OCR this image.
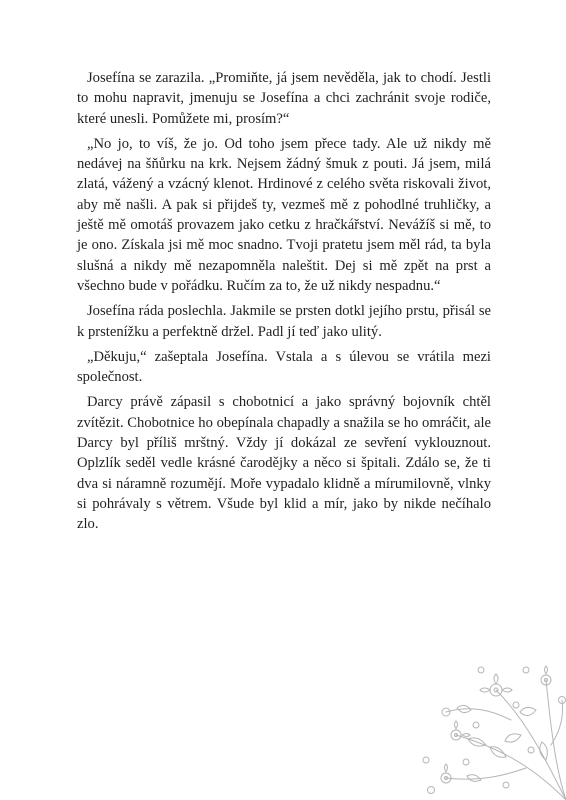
Josefína se zarazila. „Promiňte, já jsem nevěděla, jak to chodí. Jestli to mohu napravit, jmenuju se Josefína a chci zachránit svoje rodiče, které unesli. Pomůžete mi, prosím?“

„No jo, to víš, že jo. Od toho jsem přece tady. Ale už nikdy mě nedávej na šňůrku na krk. Nejsem žádný šmuk z pouti. Já jsem, milá zlatá, vážený a vzácný klenot. Hrdinové z celého světa riskovali život, aby mě našli. A pak si přijdeš ty, vezmeš mě z pohodlné truhličky, a ještě mě omotáš provazem jako cetku z hračkářství. Nevážíš si mě, to je ono. Získala jsi mě moc snadno. Tvoji pratetu jsem měl rád, ta byla slušná a nikdy mě nezapomněla naleštit. Dej si mě zpět na prst a všechno bude v pořádku. Ručím za to, že už nikdy nespadnu.“

Josefína ráda poslechla. Jakmile se prsten dotkl jejího prstu, přisál se k prstenížku a perfektně držel. Padl jí teď jako ulitý.

„Děkuju,“ zašeptala Josefína. Vstala a s úlevou se vrátila mezi společnost.

Darcy právě zápasil s chobotnicí a jako správný bojovník chtěl zvítězit. Chobotnice ho obepínala chapadly a snažila se ho omráčit, ale Darcy byl příliš mrštný. Vždy jí dokázal ze sevření vyklouznout. Oplzlík seděl vedle krásné čarodějky a něco si špitali. Zdálo se, že ti dva si náramně rozumějí. Moře vypadalo klidně a mírumilovně, vlnky si pohrávaly s větrem. Všude byl klid a mír, jako by nikde nečíhalo zlo.
